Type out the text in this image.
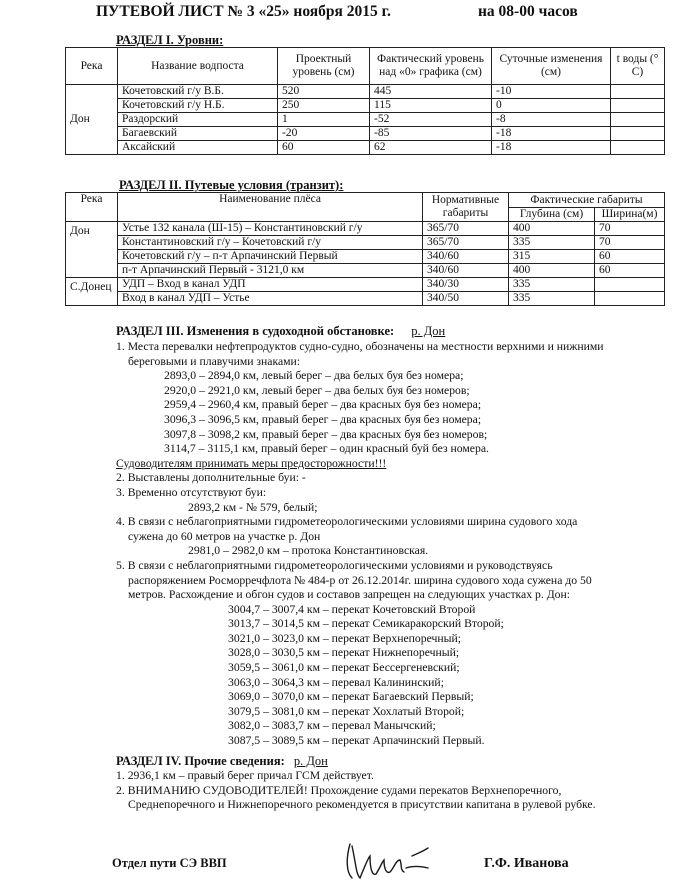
ПУТЕВОЙ ЛИСТ № 3 «25» ноября 2015 г.	на 08-00 часов
РАЗДЕЛ I. Уровни:
Река	Название водпоста	Проектный уровень (см)	Фактический уровень над «0» графика (см)	Суточные изменения (см)	t воды (° С)
Дон	Кочетовский г/у В.Б.	520	445	-10	
	Кочетовский г/у Н.Б.	250	115	0	
	Раздорский	1	-52	-8	
	Багаевский	-20	-85	-18	
	Аксайский	60	62	-18	
РАЗДЕЛ II. Путевые условия (транзит):
Река	Наименование плёса	Нормативные габариты	Фактические габариты	
			Глубина (см)	Ширина(м)
Дон	Устье 132 канала (Ш-15) – Константиновский г/у	365/70	400	70
	Константиновский г/у – Кочетовский г/у	365/70	335	70
	Кочетовский г/у – п-т Арпачинский Первый	340/60	315	60
	п-т Арпачинский Первый - 3121,0 км	340/60	400	60
С.Донец	УДП – Вход в канал УДП	340/30	335	
	Вход в канал УДП – Устье	340/50	335	
РАЗДЕЛ III. Изменения в судоходной обстановке: р. Дон
1. Места перевалки нефтепродуктов судно-судно, обозначены на местности верхними и нижними
береговыми и плавучими знаками:
2893,0 – 2894,0 км, левый берег – два белых буя без номера;
2920,0 – 2921,0 км, левый берег – два белых буя без номеров;
2959,4 – 2960,4 км, правый берег – два красных буя без номера;
3096,3 – 3096,5 км, правый берег – два красных буя без номера;
3097,8 – 3098,2 км, правый берег – два красных буя без номеров;
3114,7 – 3115,1 км, правый берег – один красный буй без номера.
Судоводителям принимать меры предосторожности!!!
2. Выставлены дополнительные буи: -
3. Временно отсутствуют буи:
2893,2 км - № 579, белый;
4. В связи с неблагоприятными гидрометеорологическими условиями ширина судового хода
сужена до 60 метров на участке р. Дон
2981,0 – 2982,0 км – протока Константиновская.
5. В связи с неблагоприятными гидрометеорологическими условиями и руководствуясь
распоряжением Росморречфлота № 484-р от 26.12.2014г. ширина судового хода сужена до 50
метров. Расхождение и обгон судов и составов запрещен на следующих участках р. Дон:
3004,7 – 3007,4 км – перекат Кочетовский Второй
3013,7 – 3014,5 км – перекат Семикаракорский Второй;
3021,0 – 3023,0 км – перекат Верхнепоречный;
3028,0 – 3030,5 км – перекат Нижнепоречный;
3059,5 – 3061,0 км – перекат Бессергеневский;
3063,0 – 3064,3 км – перевал Калининский;
3069,0 – 3070,0 км – перекат Багаевский Первый;
3079,5 – 3081,0 км – перекат Хохлатый Второй;
3082,0 – 3083,7 км – перевал Манычский;
3087,5 – 3089,5 км – перекат Арпачинский Первый.
РАЗДЕЛ IV. Прочие сведения: р. Дон
1. 2936,1 км – правый берег причал ГСМ действует.
2. ВНИМАНИЮ СУДОВОДИТЕЛЕЙ! Прохождение судами перекатов Верхнепоречного,
Среднепоречного и Нижнепоречного рекомендуется в присутствии капитана в рулевой рубке.
Отдел пути СЭ ВВП	Г.Ф. Иванова
